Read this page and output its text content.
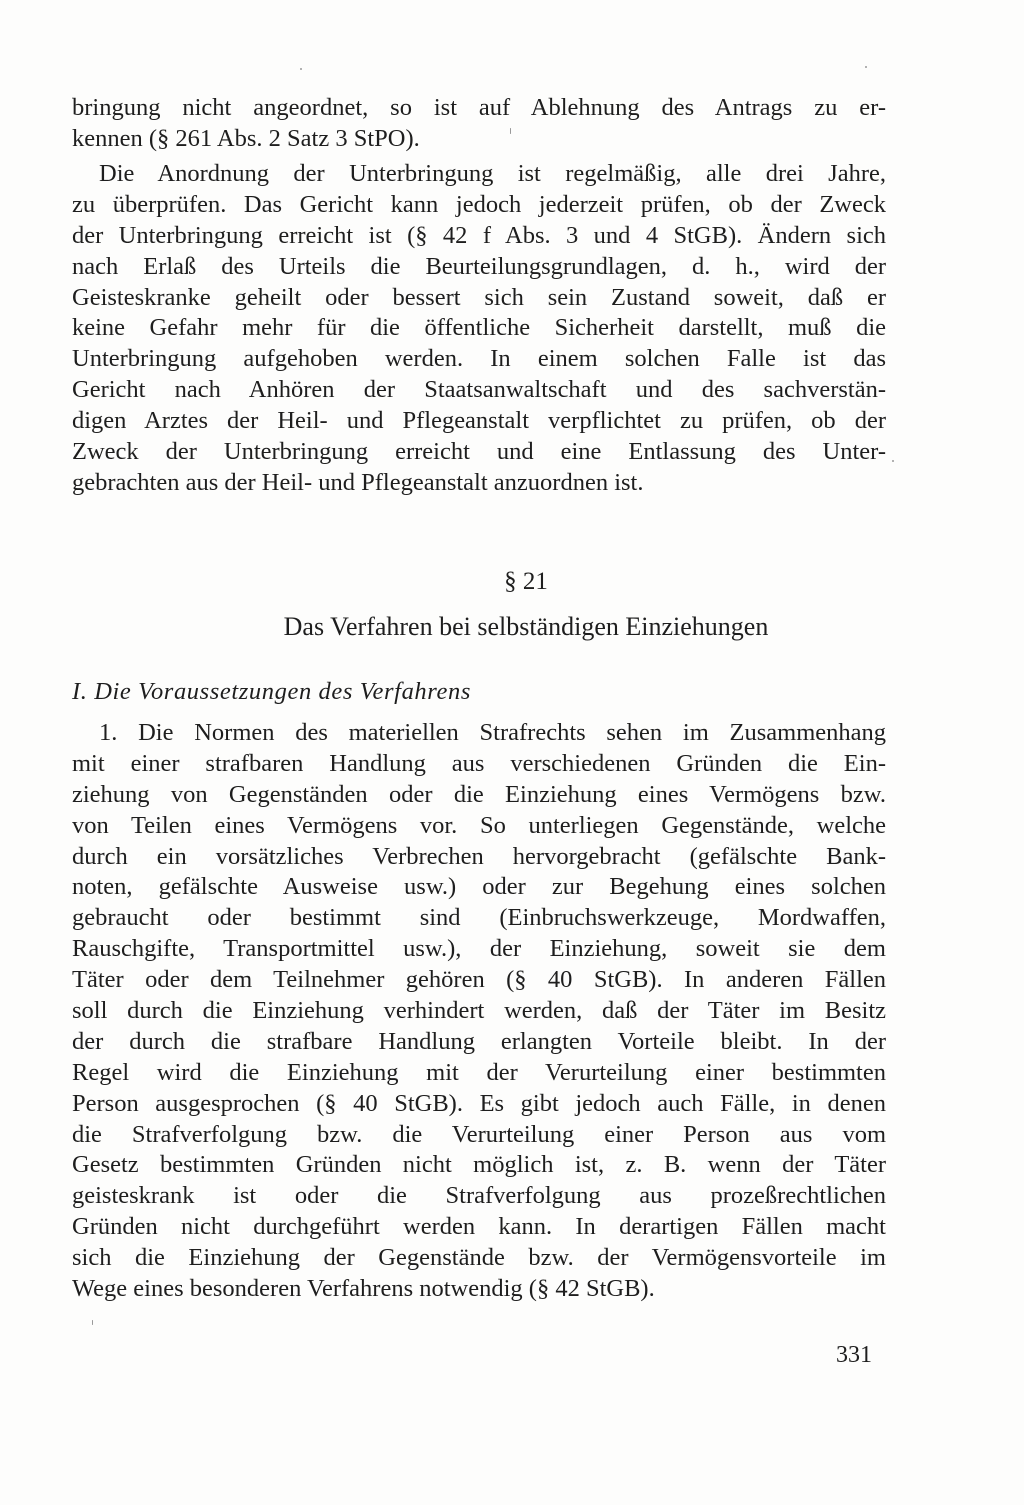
bringung nicht angeordnet, so ist auf Ablehnung des Antrags zu er-
kennen (§ 261 Abs. 2 Satz 3 StPO).
Die Anordnung der Unterbringung ist regelmäßig, alle drei Jahre,
zu überprüfen. Das Gericht kann jedoch jederzeit prüfen, ob der Zweck
der Unterbringung erreicht ist (§ 42 f Abs. 3 und 4 StGB). Ändern sich
nach Erlaß des Urteils die Beurteilungsgrundlagen, d. h., wird der
Geisteskranke geheilt oder bessert sich sein Zustand soweit, daß er
keine Gefahr mehr für die öffentliche Sicherheit darstellt, muß die
Unterbringung aufgehoben werden. In einem solchen Falle ist das
Gericht nach Anhören der Staatsanwaltschaft und des sachverstän-
digen Arztes der Heil- und Pflegeanstalt verpflichtet zu prüfen, ob der
Zweck der Unterbringung erreicht und eine Entlassung des Unter-
gebrachten aus der Heil- und Pflegeanstalt anzuordnen ist.
§ 21
Das Verfahren bei selbständigen Einziehungen
I. Die Voraussetzungen des Verfahrens
1. Die Normen des materiellen Strafrechts sehen im Zusammenhang
mit einer strafbaren Handlung aus verschiedenen Gründen die Ein-
ziehung von Gegenständen oder die Einziehung eines Vermögens bzw.
von Teilen eines Vermögens vor. So unterliegen Gegenstände, welche
durch ein vorsätzliches Verbrechen hervorgebracht (gefälschte Bank-
noten, gefälschte Ausweise usw.) oder zur Begehung eines solchen
gebraucht oder bestimmt sind (Einbruchswerkzeuge, Mordwaffen,
Rauschgifte, Transportmittel usw.), der Einziehung, soweit sie dem
Täter oder dem Teilnehmer gehören (§ 40 StGB). In anderen Fällen
soll durch die Einziehung verhindert werden, daß der Täter im Besitz
der durch die strafbare Handlung erlangten Vorteile bleibt. In der
Regel wird die Einziehung mit der Verurteilung einer bestimmten
Person ausgesprochen (§ 40 StGB). Es gibt jedoch auch Fälle, in denen
die Strafverfolgung bzw. die Verurteilung einer Person aus vom
Gesetz bestimmten Gründen nicht möglich ist, z. B. wenn der Täter
geisteskrank ist oder die Strafverfolgung aus prozeßrechtlichen
Gründen nicht durchgeführt werden kann. In derartigen Fällen macht
sich die Einziehung der Gegenstände bzw. der Vermögensvorteile im
Wege eines besonderen Verfahrens notwendig (§ 42 StGB).
331
